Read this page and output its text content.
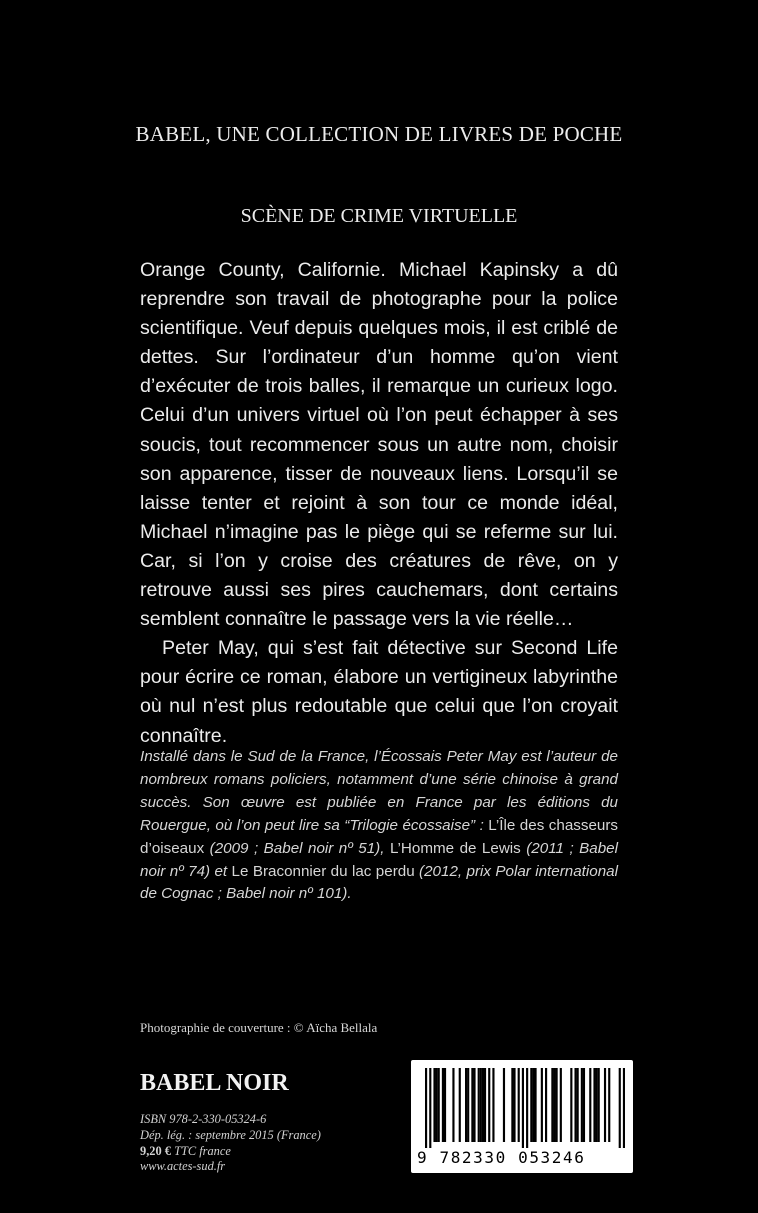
BABEL, UNE COLLECTION DE LIVRES DE POCHE
SCÈNE DE CRIME VIRTUELLE

Orange County, Californie. Michael Kapinsky a dû reprendre son travail de photographe pour la police scientifique. Veuf depuis quelques mois, il est criblé de dettes. Sur l’ordinateur d’un homme qu’on vient d’exécuter de trois balles, il remarque un curieux logo. Celui d’un univers virtuel où l’on peut échapper à ses soucis, tout recommencer sous un autre nom, choisir son apparence, tisser de nouveaux liens. Lorsqu’il se laisse tenter et rejoint à son tour ce monde idéal, Michael n’imagine pas le piège qui se referme sur lui. Car, si l’on y croise des créatures de rêve, on y retrouve aussi ses pires cauchemars, dont certains semblent connaître le passage vers la vie réelle…

Peter May, qui s’est fait détective sur Second Life pour écrire ce roman, élabore un vertigineux labyrinthe où nul n’est plus redoutable que celui que l’on croyait connaître.

Installé dans le Sud de la France, l’Écossais Peter May est l’auteur de nombreux romans policiers, notamment d’une série chinoise à grand succès. Son œuvre est publiée en France par les éditions du Rouergue, où l’on peut lire sa “Trilogie écossaise” : L’Île des chasseurs d’oiseaux (2009 ; Babel noir nº 51), L’Homme de Lewis (2011 ; Babel noir nº 74) et Le Braconnier du lac perdu (2012, prix Polar international de Cognac ; Babel noir nº 101).

Photographie de couverture : © Aïcha Bellala
BABEL NOIR
ISBN 978-2-330-05324-6
Dép. lég. : septembre 2015 (France)
9,20 € TTC france
www.actes-sud.fr	9 782330 053246
